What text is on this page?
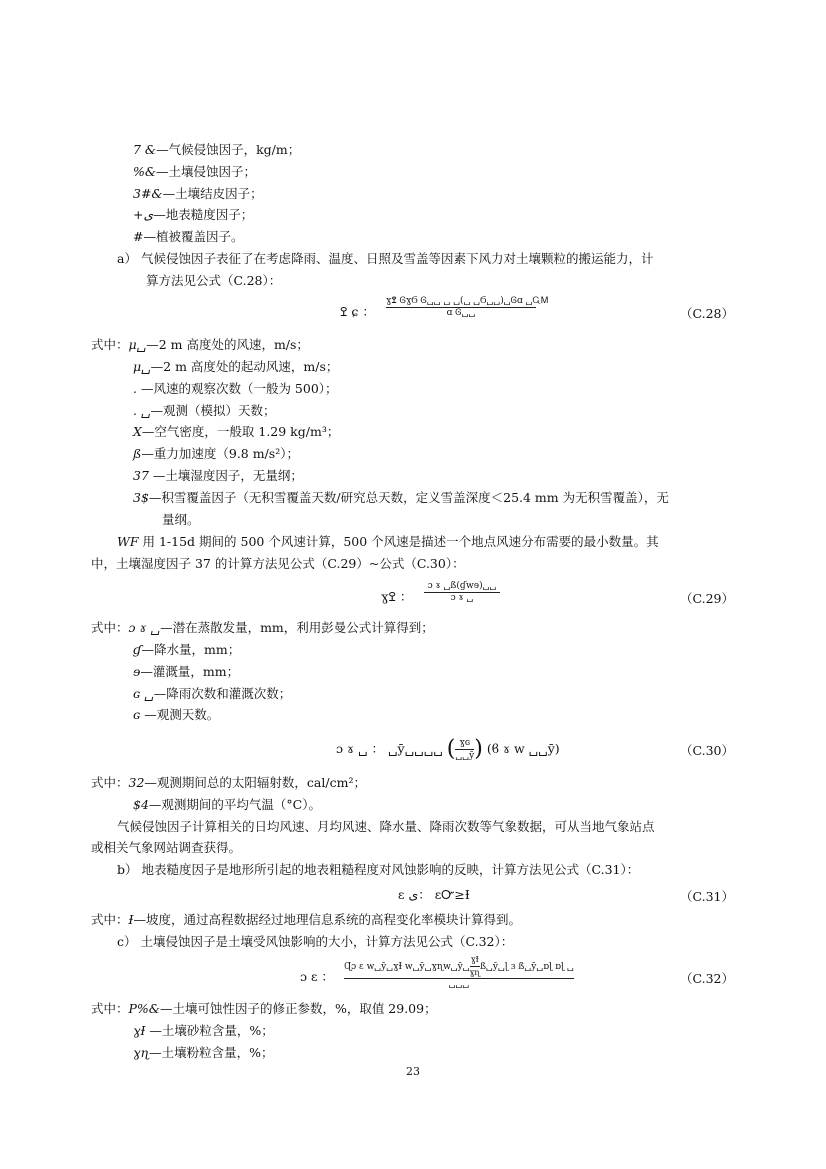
7 &—气候侵蚀因子，kg/m；
%&—土壤侵蚀因子；
3#&—土壤结皮因子；
+ى—地表糙度因子；
#—植被覆盖因子。
a） 气候侵蚀因子表征了在考虑降雨、温度、日照及雪盖等因素下风力对土壤颗粒的搬运能力，计
算方法见公式（C.28）：
ߐ ɕ ：
ɣߐ ᎶɣϬ Ꮆ␣␣ ␣ ␣(␣ ␣Ϭ␣␣)␣Ꮆɑ ␣ᏩᎷ
ɑ Ꮆ␣␣	（C.28）
式中：μ␣—2 m 高度处的风速，m/s；
μ␣—2 m 高度处的起动风速，m/s；
. —风速的观察次数（一般为 500）；
. ␣—观测（模拟）天数；
X—空气密度，一般取 1.29 kg/m³；
ß—重力加速度（9.8 m/s²）；
37 —土壤湿度因子，无量纲；
3$—积雪覆盖因子（无积雪覆盖天数/研究总天数，定义雪盖深度＜25.4 mm 为无积雪覆盖），无
量纲。
WF 用 1-15d 期间的 500 个风速计算，500 个风速是描述一个地点风速分布需要的最小数量。其
中，土壤湿度因子 37 的计算方法见公式（C.29）~公式（C.30）：
ɣߐ ：
ɔ ɤ ␣ß(ɠᴡɘ)␣␣
ɔ ɤ ␣	（C.29）
式中：ɔ ɤ ␣—潜在蒸散发量，mm，利用彭曼公式计算得到；
ɠ—降水量，mm；
ɘ—灌溉量，mm；
ɢ ␣—降雨次数和灌溉次数；
ɢ —观测天数。
ɔ ɤ ␣ ： ␣ȳ␣␣␣␣ $(\frac{\text{ɣɢ}}{␣␣ȳ})$ (ϐ ɤ ᴡ ␣␣ȳ)	（C.30）
式中：32—观测期间总的太阳辐射数，cal/cm²；
$4—观测期间的平均气温（°C）。
气候侵蚀因子计算相关的日均风速、月均风速、降水量、降雨次数等气象数据，可从当地气象站点
或相关气象网站调查获得。
b） 地表糙度因子是地形所引起的地表粗糙程度对风蚀影响的反映，计算方法见公式（C.31）：
ɛ ى： ɛᏅ≥Ɨ	（C.31）
式中：Ɨ—坡度，通过高程数据经过地理信息系统的高程变化率模块计算得到。
c） 土壤侵蚀因子是土壤受风蚀影响的大小，计算方法见公式（C.32）：
ɔ ɛ ：
Ɋɔ ɛ ᴡ␣ȳ␣ɣƗ $ᴡ␣ȳ␣ɣɳᴡ␣ȳ␣\frac{\text{ɣƗ}}{\text{ɣɳ}}ß␣ȳ␣ɭ$ ɜ ß␣ȳ␣ɒɭ ɒɭ ␣
␣␣␣	（C.32）
式中：P%&—土壤可蚀性因子的修正参数，%，取值 29.09；
ɣƗ —土壤砂粒含量，%；
ɣɳ—土壤粉粒含量，%；
23
